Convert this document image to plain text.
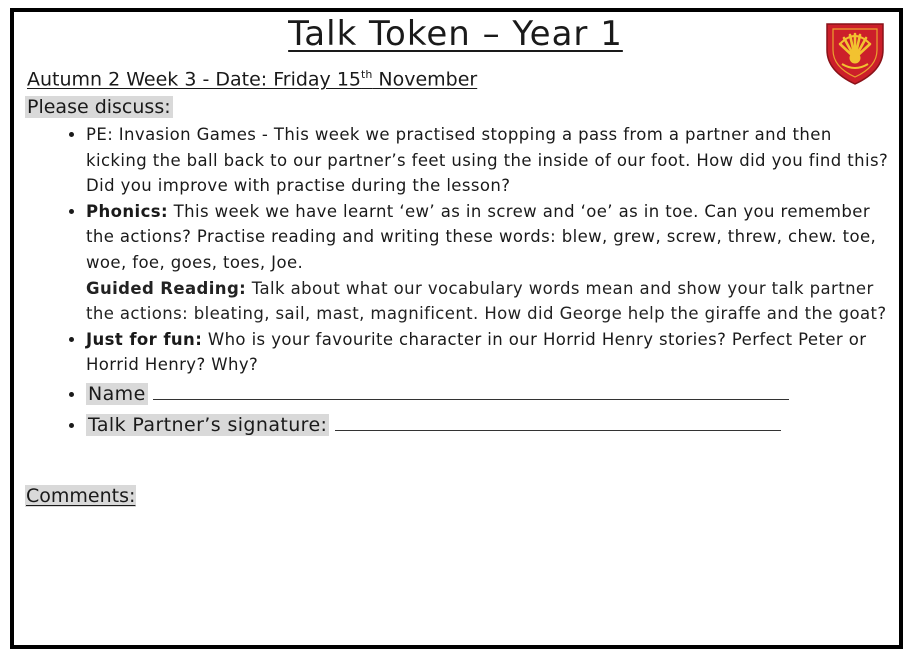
Talk Token – Year 1
Autumn 2 Week 3 - Date: Friday 15th November
Please discuss:
• PE: Invasion Games - This week we practised stopping a pass from a partner and then kicking the ball back to our partner’s feet using the inside of our foot. How did you find this? Did you improve with practise during the lesson?
• Phonics: This week we have learnt ‘ew’ as in screw and ‘oe’ as in toe. Can you remember the actions? Practise reading and writing these words: blew, grew, screw, threw, chew. toe, woe, foe, goes, toes, Joe.
Guided Reading: Talk about what our vocabulary words mean and show your talk partner the actions: bleating, sail, mast, magnificent. How did George help the giraffe and the goat?
• Just for fun: Who is your favourite character in our Horrid Henry stories? Perfect Peter or Horrid Henry? Why?
• Name
• Talk Partner’s signature:
Comments:
